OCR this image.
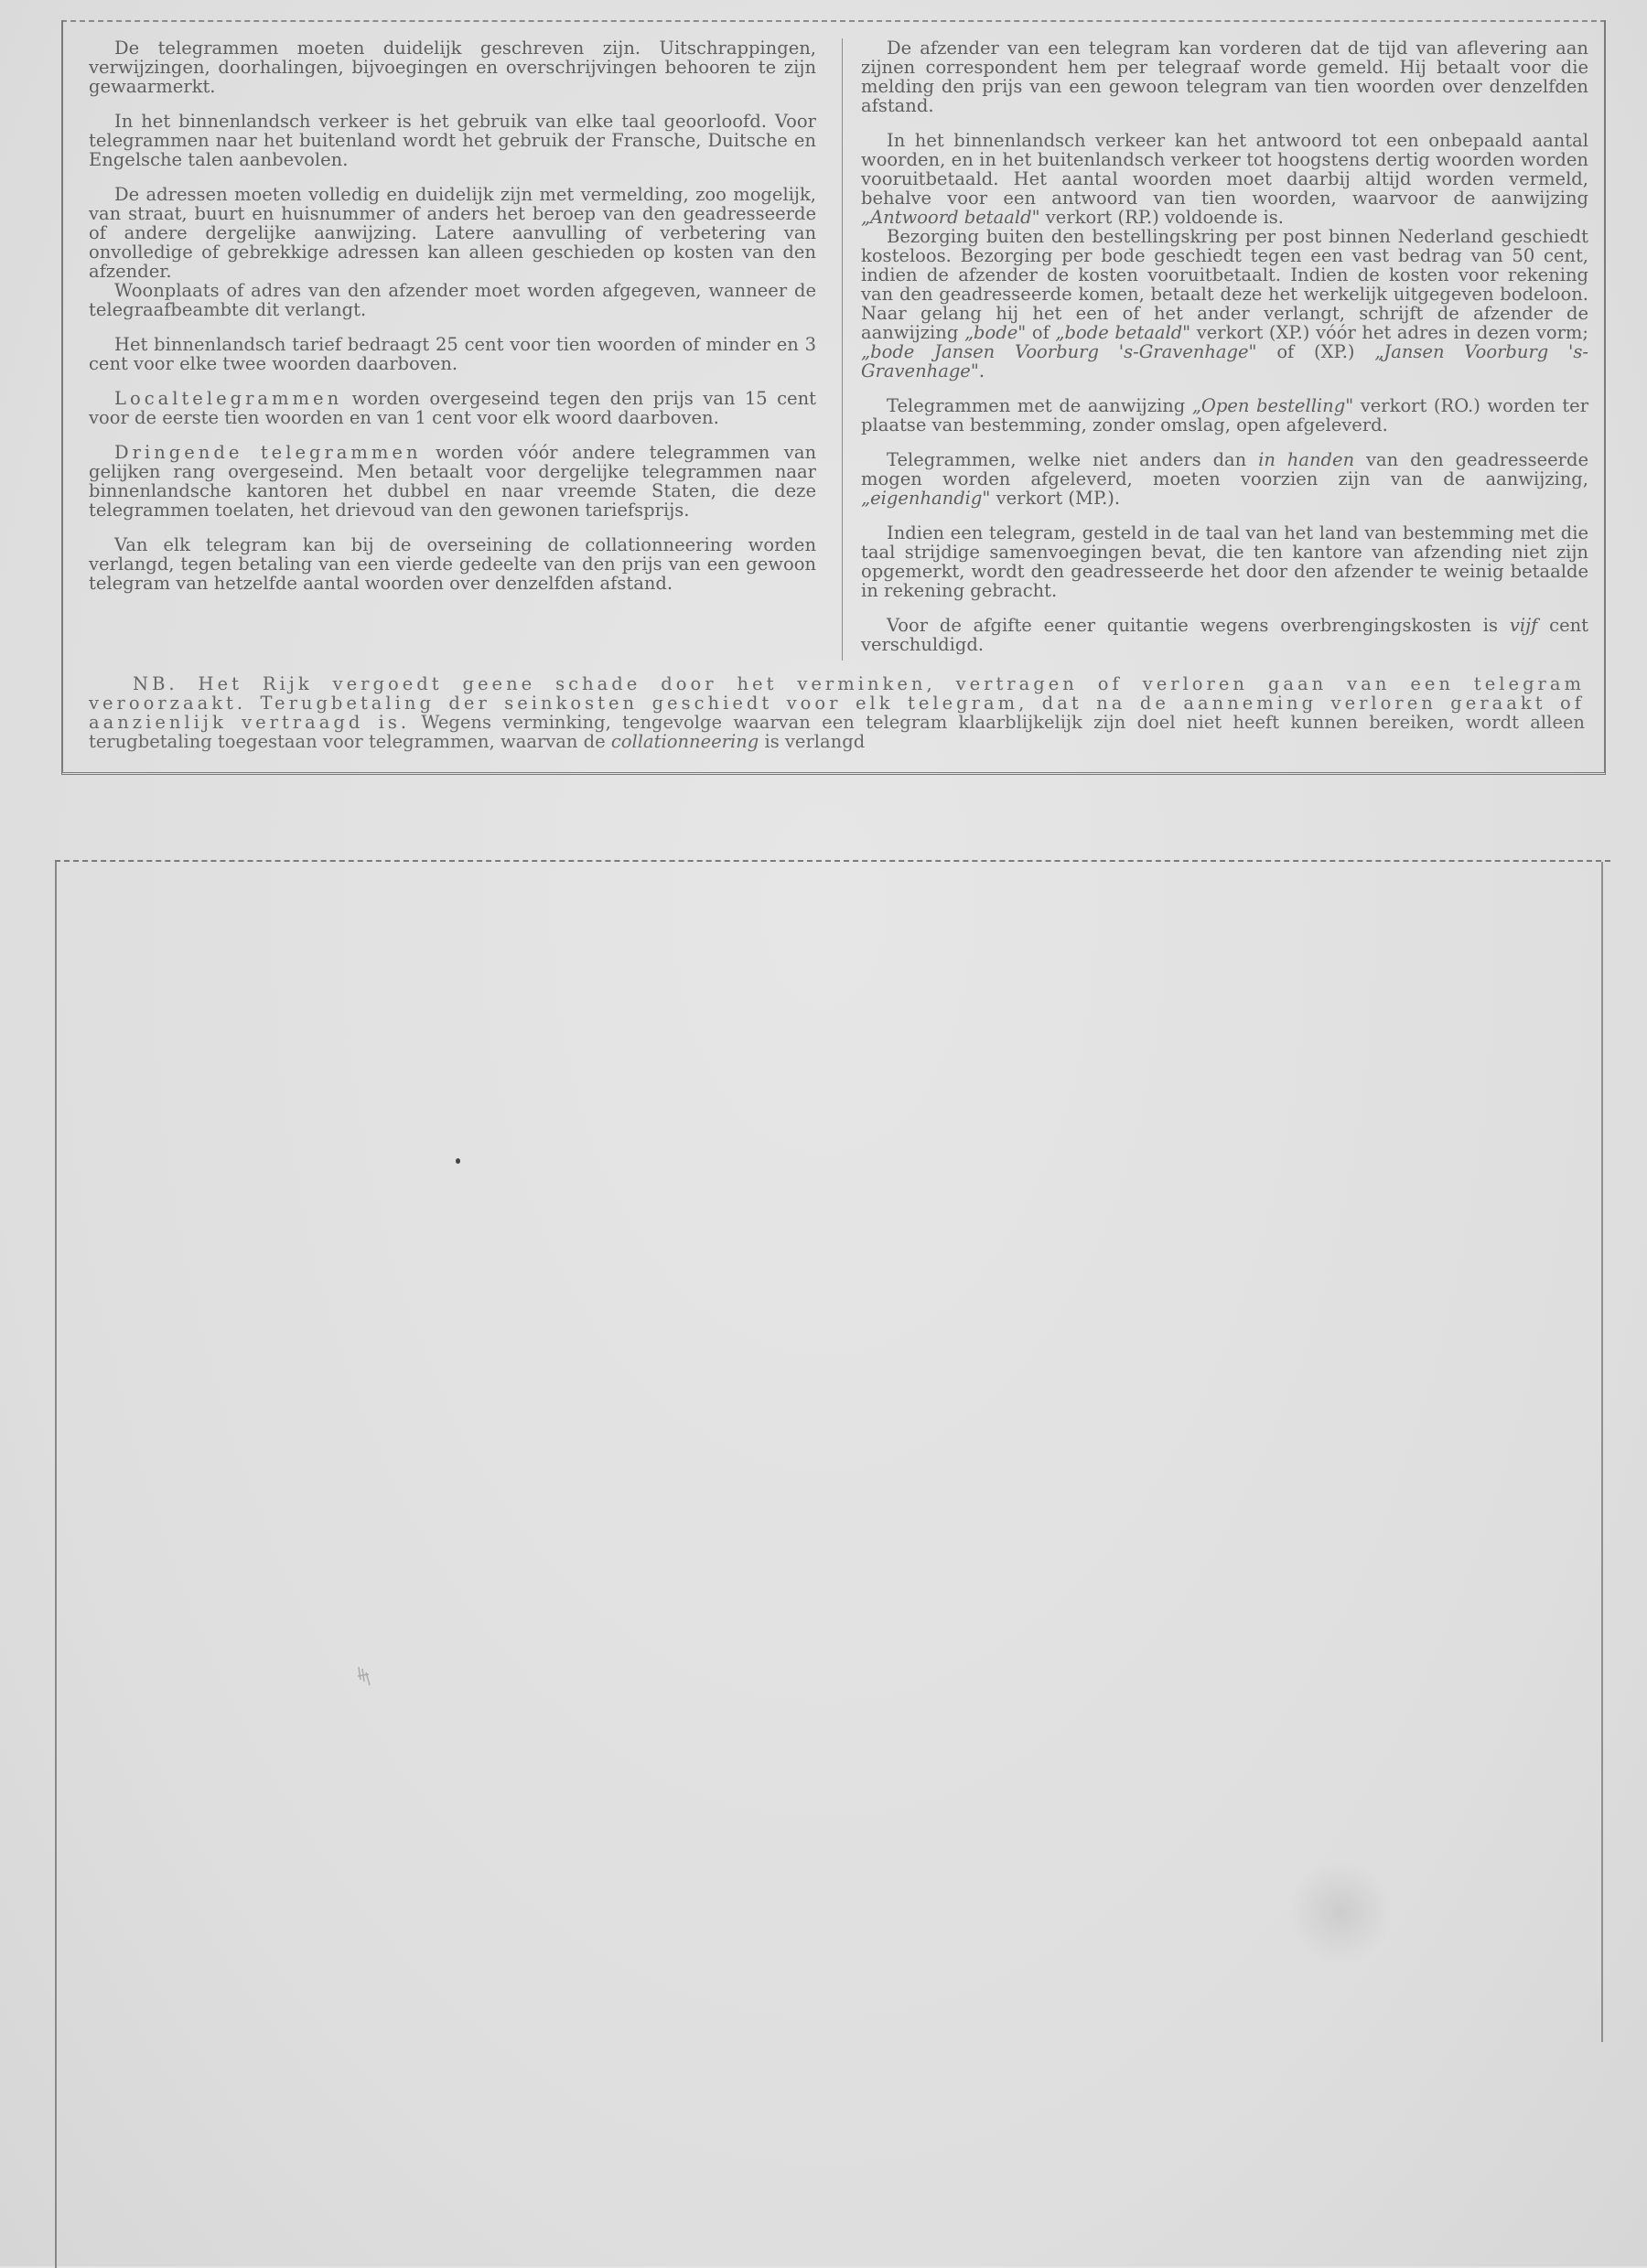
De telegrammen moeten duidelijk geschreven zijn. Uitschrappingen, verwijzingen, doorhalingen, bijvoegingen en overschrijvingen behooren te zijn gewaarmerkt.

In het binnenlandsch verkeer is het gebruik van elke taal geoorloofd. Voor telegrammen naar het buitenland wordt het gebruik der Fransche, Duitsche en Engelsche talen aanbevolen.

De adressen moeten volledig en duidelijk zijn met vermelding, zoo mogelijk, van straat, buurt en huisnummer of anders het beroep van den geadresseerde of andere dergelijke aanwijzing. Latere aanvulling of verbetering van onvolledige of gebrekkige adressen kan alleen geschieden op kosten van den afzender.

Woonplaats of adres van den afzender moet worden afgegeven, wanneer de telegraafbeambte dit verlangt.

Het binnenlandsch tarief bedraagt 25 cent voor tien woorden of minder en 3 cent voor elke twee woorden daarboven.

Localtelegrammen worden overgeseind tegen den prijs van 15 cent voor de eerste tien woorden en van 1 cent voor elk woord daarboven.

Dringende telegrammen worden vóór andere telegrammen van gelijken rang overgeseind. Men betaalt voor dergelijke telegrammen naar binnenlandsche kantoren het dubbel en naar vreemde Staten, die deze telegrammen toelaten, het drievoud van den gewonen tariefsprijs.

Van elk telegram kan bij de overseining de collationneering worden verlangd, tegen betaling van een vierde gedeelte van den prijs van een gewoon telegram van hetzelfde aantal woorden over denzelfden afstand.

De afzender van een telegram kan vorderen dat de tijd van aflevering aan zijnen correspondent hem per telegraaf worde gemeld. Hij betaalt voor die melding den prijs van een gewoon telegram van tien woorden over denzelfden afstand.

In het binnenlandsch verkeer kan het antwoord tot een onbepaald aantal woorden, en in het buitenlandsch verkeer tot hoogstens dertig woorden worden vooruitbetaald. Het aantal woorden moet daarbij altijd worden vermeld, behalve voor een antwoord van tien woorden, waarvoor de aanwijzing „Antwoord betaald" verkort (RP.) voldoende is.

Bezorging buiten den bestellingskring per post binnen Nederland geschiedt kosteloos. Bezorging per bode geschiedt tegen een vast bedrag van 50 cent, indien de afzender de kosten vooruitbetaalt. Indien de kosten voor rekening van den geadresseerde komen, betaalt deze het werkelijk uitgegeven bodeloon. Naar gelang hij het een of het ander verlangt, schrijft de afzender de aanwijzing „bode" of „bode betaald" verkort (XP.) vóór het adres in dezen vorm; „bode Jansen Voorburg 's-Gravenhage" of (XP.) „Jansen Voorburg 's-Gravenhage".

Telegrammen met de aanwijzing „Open bestelling" verkort (RO.) worden ter plaatse van bestemming, zonder omslag, open afgeleverd.

Telegrammen, welke niet anders dan in handen van den geadresseerde mogen worden afgeleverd, moeten voorzien zijn van de aanwijzing, „eigenhandig" verkort (MP.).

Indien een telegram, gesteld in de taal van het land van bestemming met die taal strijdige samenvoegingen bevat, die ten kantore van afzending niet zijn opgemerkt, wordt den geadresseerde het door den afzender te weinig betaalde in rekening gebracht.

Voor de afgifte eener quitantie wegens overbrengingskosten is vijf cent verschuldigd.

NB. Het Rijk vergoedt geene schade door het verminken, vertragen of verloren gaan van een telegram veroorzaakt. Terugbetaling der seinkosten geschiedt voor elk telegram, dat na de aanneming verloren geraakt of aanzienlijk vertraagd is. Wegens verminking, tengevolge waarvan een telegram klaarblijkelijk zijn doel niet heeft kunnen bereiken, wordt alleen terugbetaling toegestaan voor telegrammen, waarvan de collationneering is verlangd
